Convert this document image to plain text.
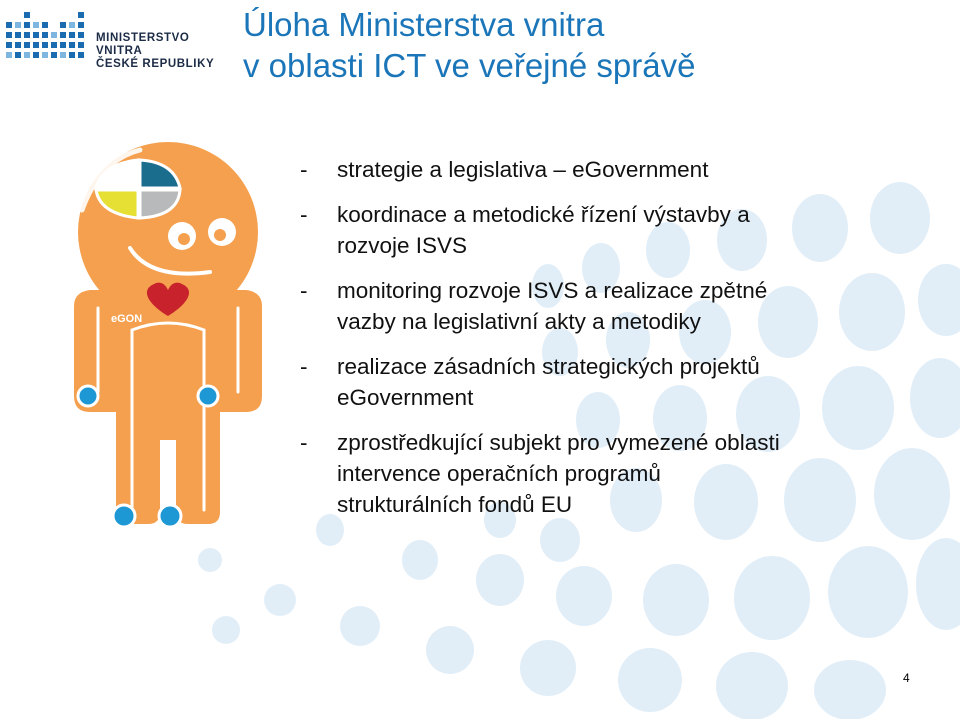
MINISTERSTVO VNITRA
ČESKÉ REPUBLIKY
Úloha Ministerstva vnitra
v oblasti ICT ve veřejné správě
eGON
- strategie a legislativa – eGovernment
- koordinace a metodické řízení výstavby a
rozvoje ISVS
- monitoring rozvoje ISVS a realizace zpětné
vazby na legislativní akty a metodiky
- realizace zásadních strategických projektů
eGovernment
- zprostředkující subjekt pro vymezené oblasti
intervence operačních programů
strukturálních fondů EU
4
